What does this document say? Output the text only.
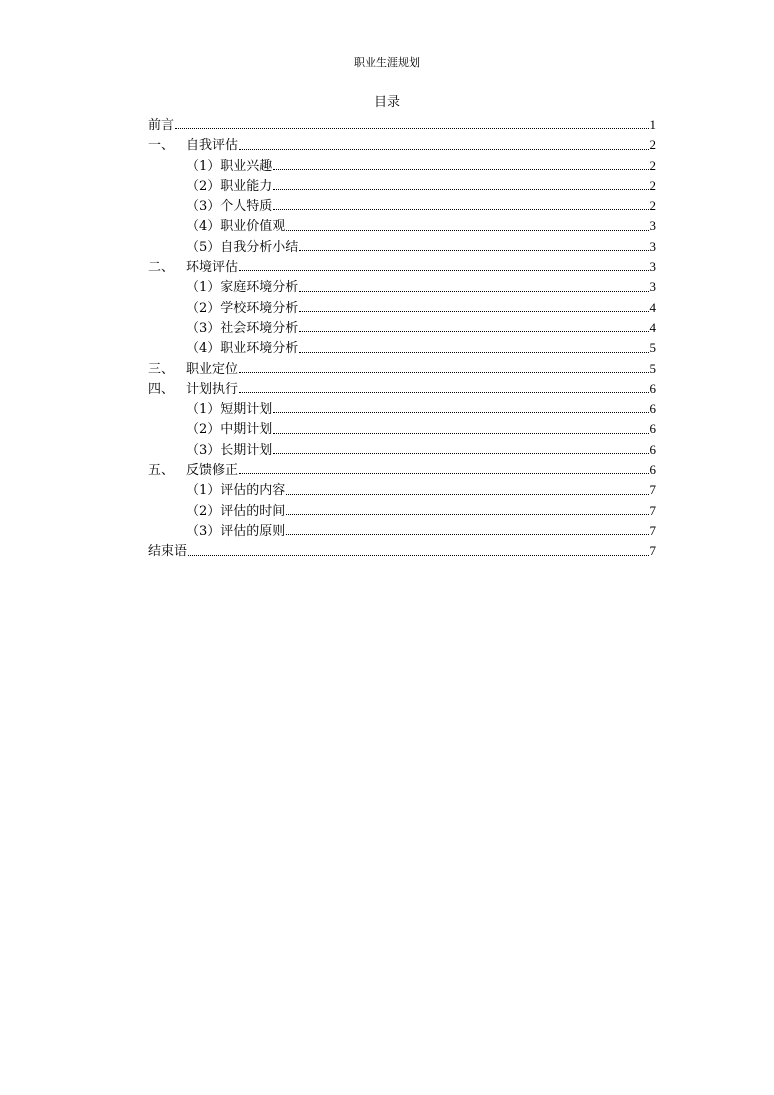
职业生涯规划
目录
前言	1
一、 自我评估	2
（1）职业兴趣	2
（2）职业能力	2
（3）个人特质	2
（4）职业价值观	3
（5）自我分析小结	3
二、 环境评估	3
（1）家庭环境分析	3
（2）学校环境分析	4
（3）社会环境分析	4
（4）职业环境分析	5
三、 职业定位	5
四、 计划执行	6
（1）短期计划	6
（2）中期计划	6
（3）长期计划	6
五、 反馈修正	6
（1）评估的内容	7
（2）评估的时间	7
（3）评估的原则	7
结束语	7
